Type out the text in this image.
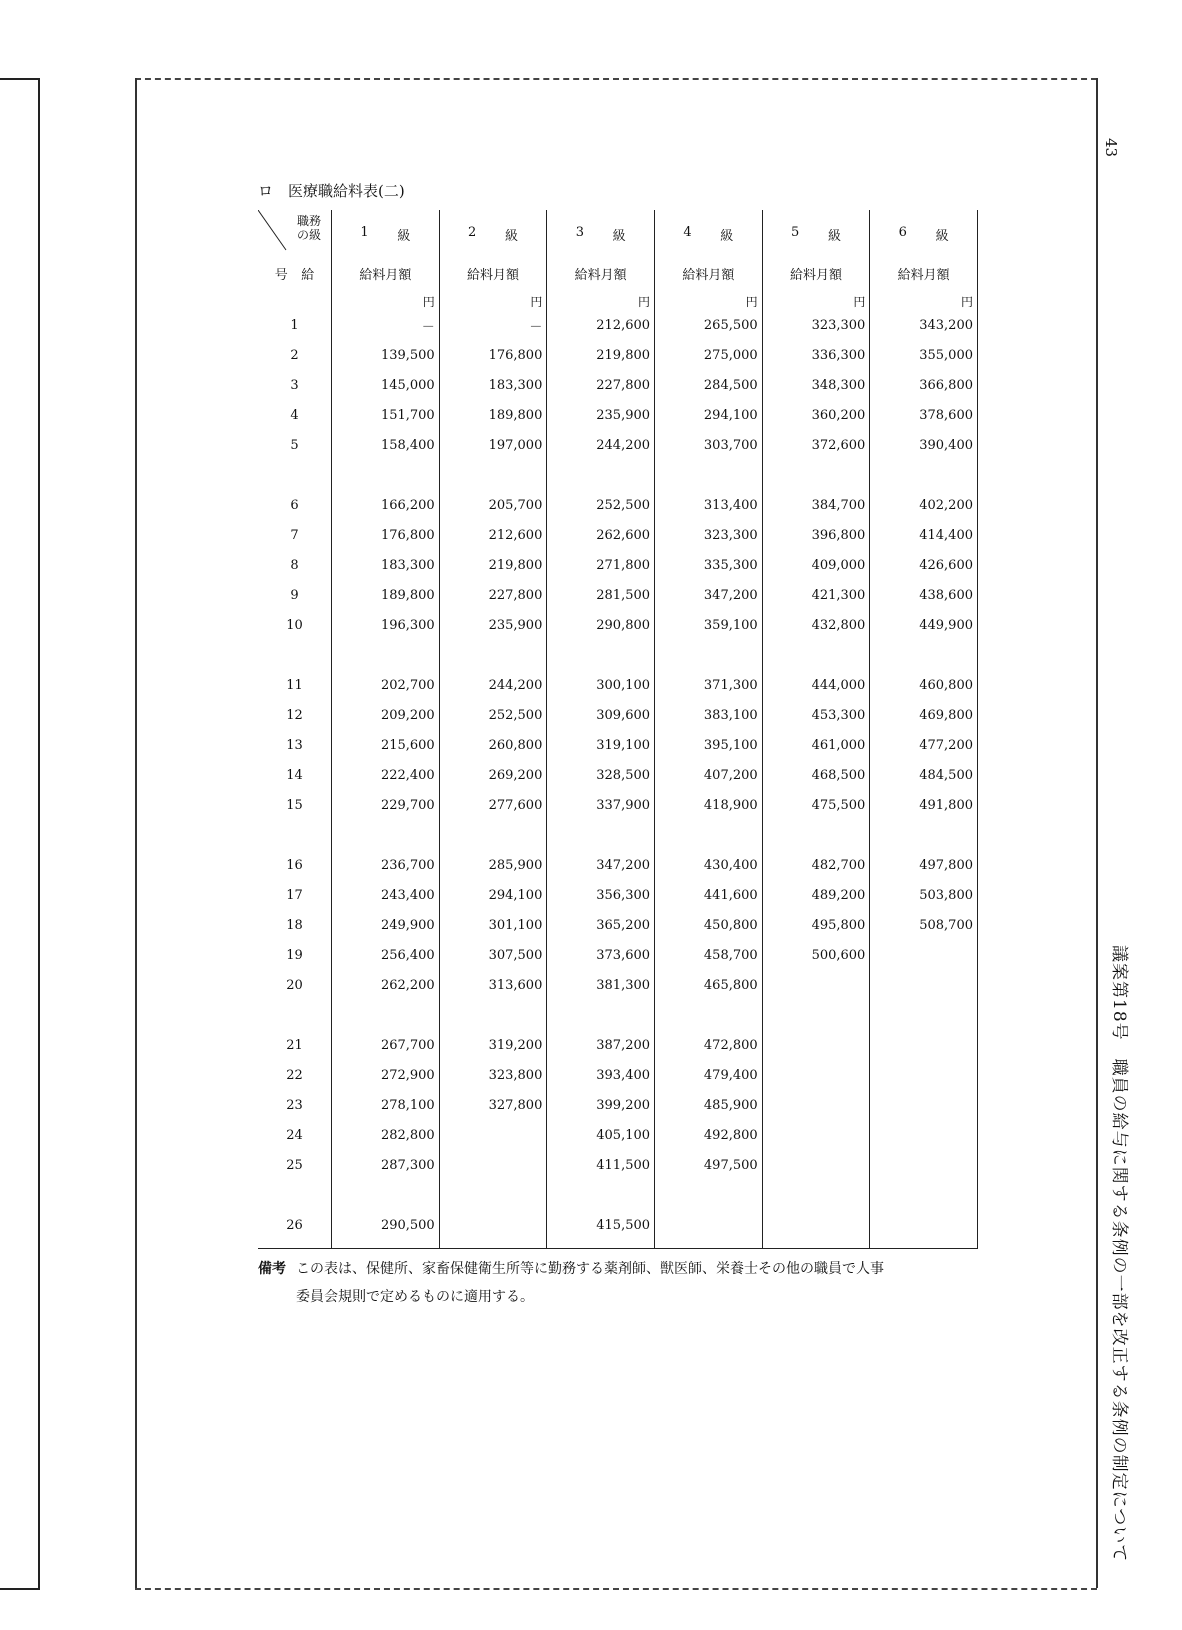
43
議案第18号　職員の給与に関する条例の一部を改正する条例の制定について
ロ　医療職給料表(二)
職務
の級	1 級	2 級	3 級	4 級	5 級	6 級

号 給	給料月額	給料月額	給料月額	給料月額	給料月額	給料月額
	円	円	円	円	円	円
1	－	－	212,600	265,500	323,300	343,200
2	139,500	176,800	219,800	275,000	336,300	355,000
3	145,000	183,300	227,800	284,500	348,300	366,800
4	151,700	189,800	235,900	294,100	360,200	378,600
5	158,400	197,000	244,200	303,700	372,600	390,400

6	166,200	205,700	252,500	313,400	384,700	402,200
7	176,800	212,600	262,600	323,300	396,800	414,400
8	183,300	219,800	271,800	335,300	409,000	426,600
9	189,800	227,800	281,500	347,200	421,300	438,600
10	196,300	235,900	290,800	359,100	432,800	449,900

11	202,700	244,200	300,100	371,300	444,000	460,800
12	209,200	252,500	309,600	383,100	453,300	469,800
13	215,600	260,800	319,100	395,100	461,000	477,200
14	222,400	269,200	328,500	407,200	468,500	484,500
15	229,700	277,600	337,900	418,900	475,500	491,800

16	236,700	285,900	347,200	430,400	482,700	497,800
17	243,400	294,100	356,300	441,600	489,200	503,800
18	249,900	301,100	365,200	450,800	495,800	508,700
19	256,400	307,500	373,600	458,700	500,600	
20	262,200	313,600	381,300	465,800		

21	267,700	319,200	387,200	472,800		
22	272,900	323,800	393,400	479,400		
23	278,100	327,800	399,200	485,900		
24	282,800		405,100	492,800		
25	287,300		411,500	497,500		

26	290,500		415,500			

備考 この表は、保健所、家畜保健衛生所等に勤務する薬剤師、獣医師、栄養士その他の職員で人事
委員会規則で定めるものに適用する。
